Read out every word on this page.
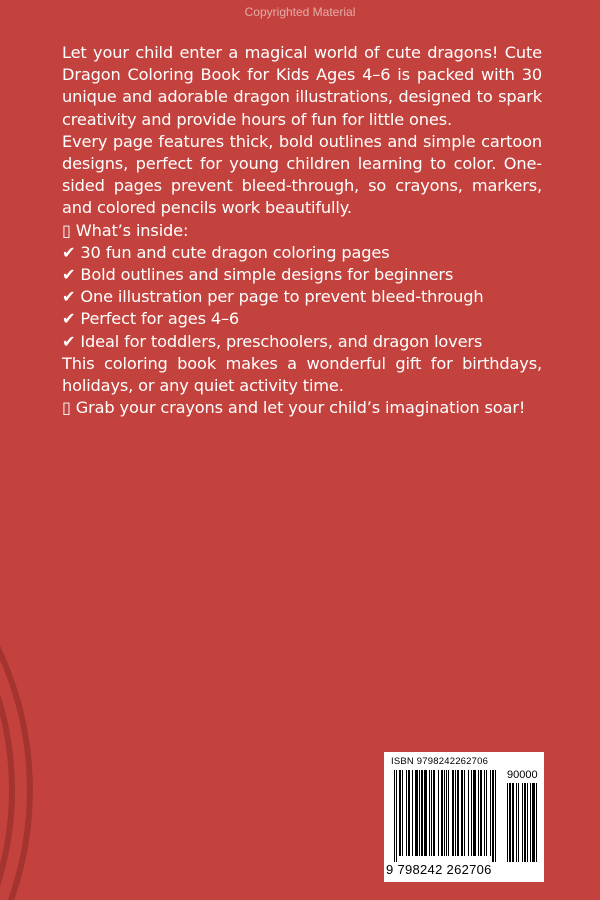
Copyrighted Material

Let your child enter a magical world of cute dragons! Cute Dragon Coloring Book for Kids Ages 4–6 is packed with 30 unique and adorable dragon illustrations, designed to spark creativity and provide hours of fun for little ones.

Every page features thick, bold outlines and simple cartoon designs, perfect for young children learning to color. One-sided pages prevent bleed-through, so crayons, markers, and colored pencils work beautifully.

▯ What’s inside:

✔ 30 fun and cute dragon coloring pages

✔ Bold outlines and simple designs for beginners

✔ One illustration per page to prevent bleed-through

✔ Perfect for ages 4–6

✔ Ideal for toddlers, preschoolers, and dragon lovers

This coloring book makes a wonderful gift for birthdays, holidays, or any quiet activity time.

▯ Grab your crayons and let your child’s imagination soar!

ISBN 9798242262706
90000
9 798242 262706
